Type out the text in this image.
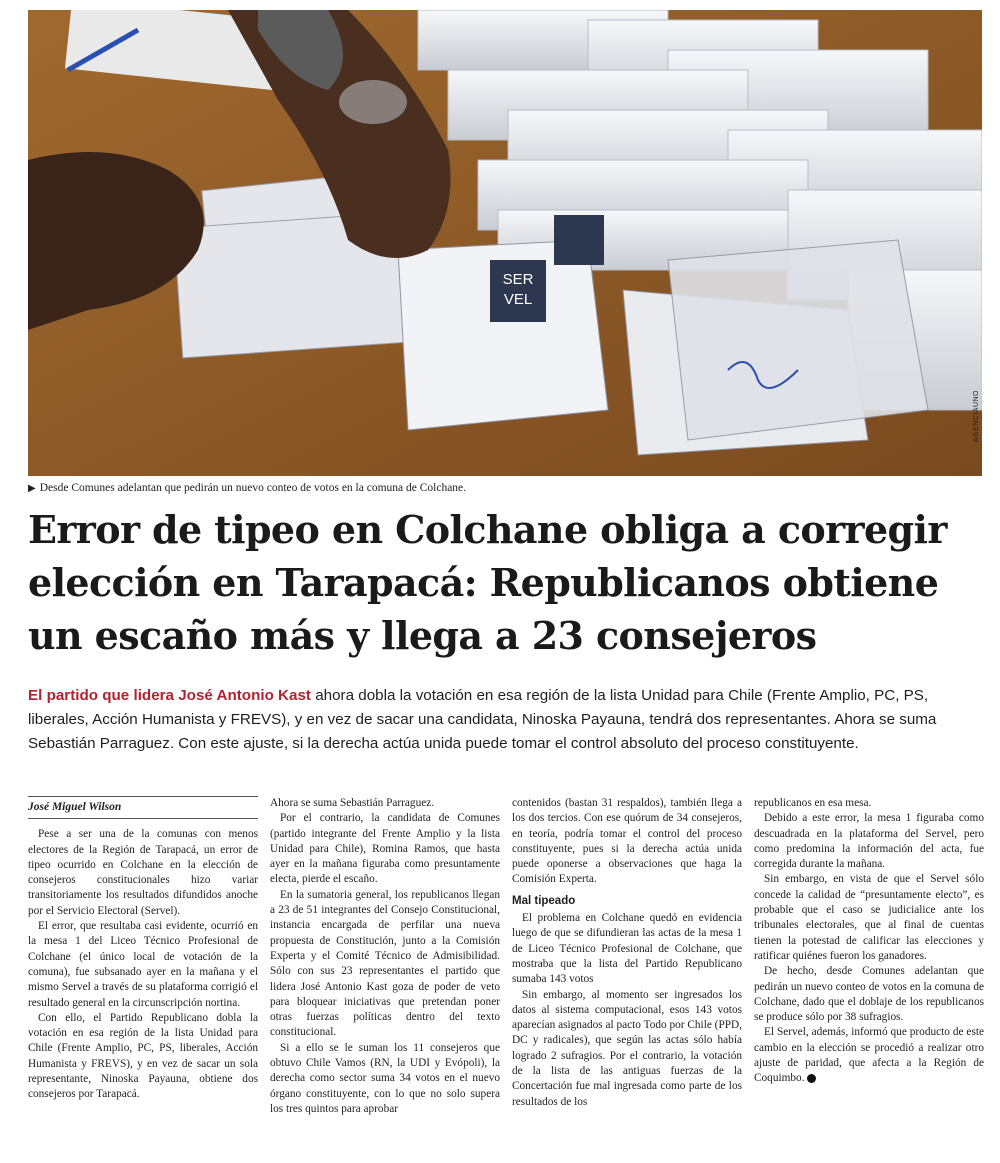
SER
VEL
AGENCIAUNO
▶ Desde Comunes adelantan que pedirán un nuevo conteo de votos en la comuna de Colchane.
Error de tipeo en Colchane obliga a corregir
elección en Tarapacá: Republicanos obtiene
un escaño más y llega a 23 consejeros

El partido que lidera José Antonio Kast ahora dobla la votación en esa región de la lista Unidad para Chile (Frente Amplio, PC, PS, liberales, Acción Humanista y FREVS), y en vez de sacar una candidata, Ninoska Payauna, tendrá dos representantes. Ahora se suma Sebastián Parraguez. Con este ajuste, si la derecha actúa unida puede tomar el control absoluto del proceso constituyente.

José Miguel Wilson

Pese a ser una de la comunas con menos electores de la Región de Tarapacá, un error de tipeo ocurrido en Colchane en la elección de consejeros constitucionales hizo variar transitoriamente los resultados difundidos anoche por el Servicio Electoral (Servel).

El error, que resultaba casi evidente, ocurrió en la mesa 1 del Liceo Técnico Profesional de Colchane (el único local de votación de la comuna), fue subsanado ayer en la mañana y el mismo Servel a través de su plataforma corrigió el resultado general en la circunscripción nortina.

Con ello, el Partido Republicano dobla la votación en esa región de la lista Unidad para Chile (Frente Amplio, PC, PS, liberales, Acción Humanista y FREVS), y en vez de sacar un sola representante, Ninoska Payauna, obtiene dos consejeros por Tarapacá.

Ahora se suma Sebastián Parraguez.

Por el contrario, la candidata de Comunes (partido integrante del Frente Amplio y la lista Unidad para Chile), Romina Ramos, que hasta ayer en la mañana figuraba como presuntamente electa, pierde el escaño.

En la sumatoria general, los republicanos llegan a 23 de 51 integrantes del Consejo Constitucional, instancia encargada de perfilar una nueva propuesta de Constitución, junto a la Comisión Experta y el Comité Técnico de Admisibilidad. Sólo con sus 23 representantes el partido que lidera José Antonio Kast goza de poder de veto para bloquear iniciativas que pretendan poner otras fuerzas políticas dentro del texto constitucional.

Si a ello se le suman los 11 consejeros que obtuvo Chile Vamos (RN, la UDI y Evópoli), la derecha como sector suma 34 votos en el nuevo órgano constituyente, con lo que no solo supera los tres quintos para aprobar

contenidos (bastan 31 respaldos), también llega a los dos tercios. Con ese quórum de 34 consejeros, en teoría, podría tomar el control del proceso constituyente, pues si la derecha actúa unida puede oponerse a observaciones que haga la Comisión Experta.

Mal tipeado

El problema en Colchane quedó en evidencia luego de que se difundieran las actas de la mesa 1 de Liceo Técnico Profesional de Colchane, que mostraba que la lista del Partido Republicano sumaba 143 votos

Sin embargo, al momento ser ingresados los datos al sistema computacional, esos 143 votos aparecían asignados al pacto Todo por Chile (PPD, DC y radicales), que según las actas sólo había logrado 2 sufragios. Por el contrario, la votación de la lista de las antiguas fuerzas de la Concertación fue mal ingresada como parte de los resultados de los

republicanos en esa mesa.

Debido a este error, la mesa 1 figuraba como descuadrada en la plataforma del Servel, pero como predomina la información del acta, fue corregida durante la mañana.

Sin embargo, en vista de que el Servel sólo concede la calidad de “presuntamente electo”, es probable que el caso se judicialice ante los tribunales electorales, que al final de cuentas tienen la potestad de calificar las elecciones y ratificar quiénes fueron los ganadores.

De hecho, desde Comunes adelantan que pedirán un nuevo conteo de votos en la comuna de Colchane, dado que el doblaje de los republicanos se produce sólo por 38 sufragios.

El Servel, además, informó que producto de este cambio en la elección se procedió a realizar otro ajuste de paridad, que afecta a la Región de Coquimbo.
